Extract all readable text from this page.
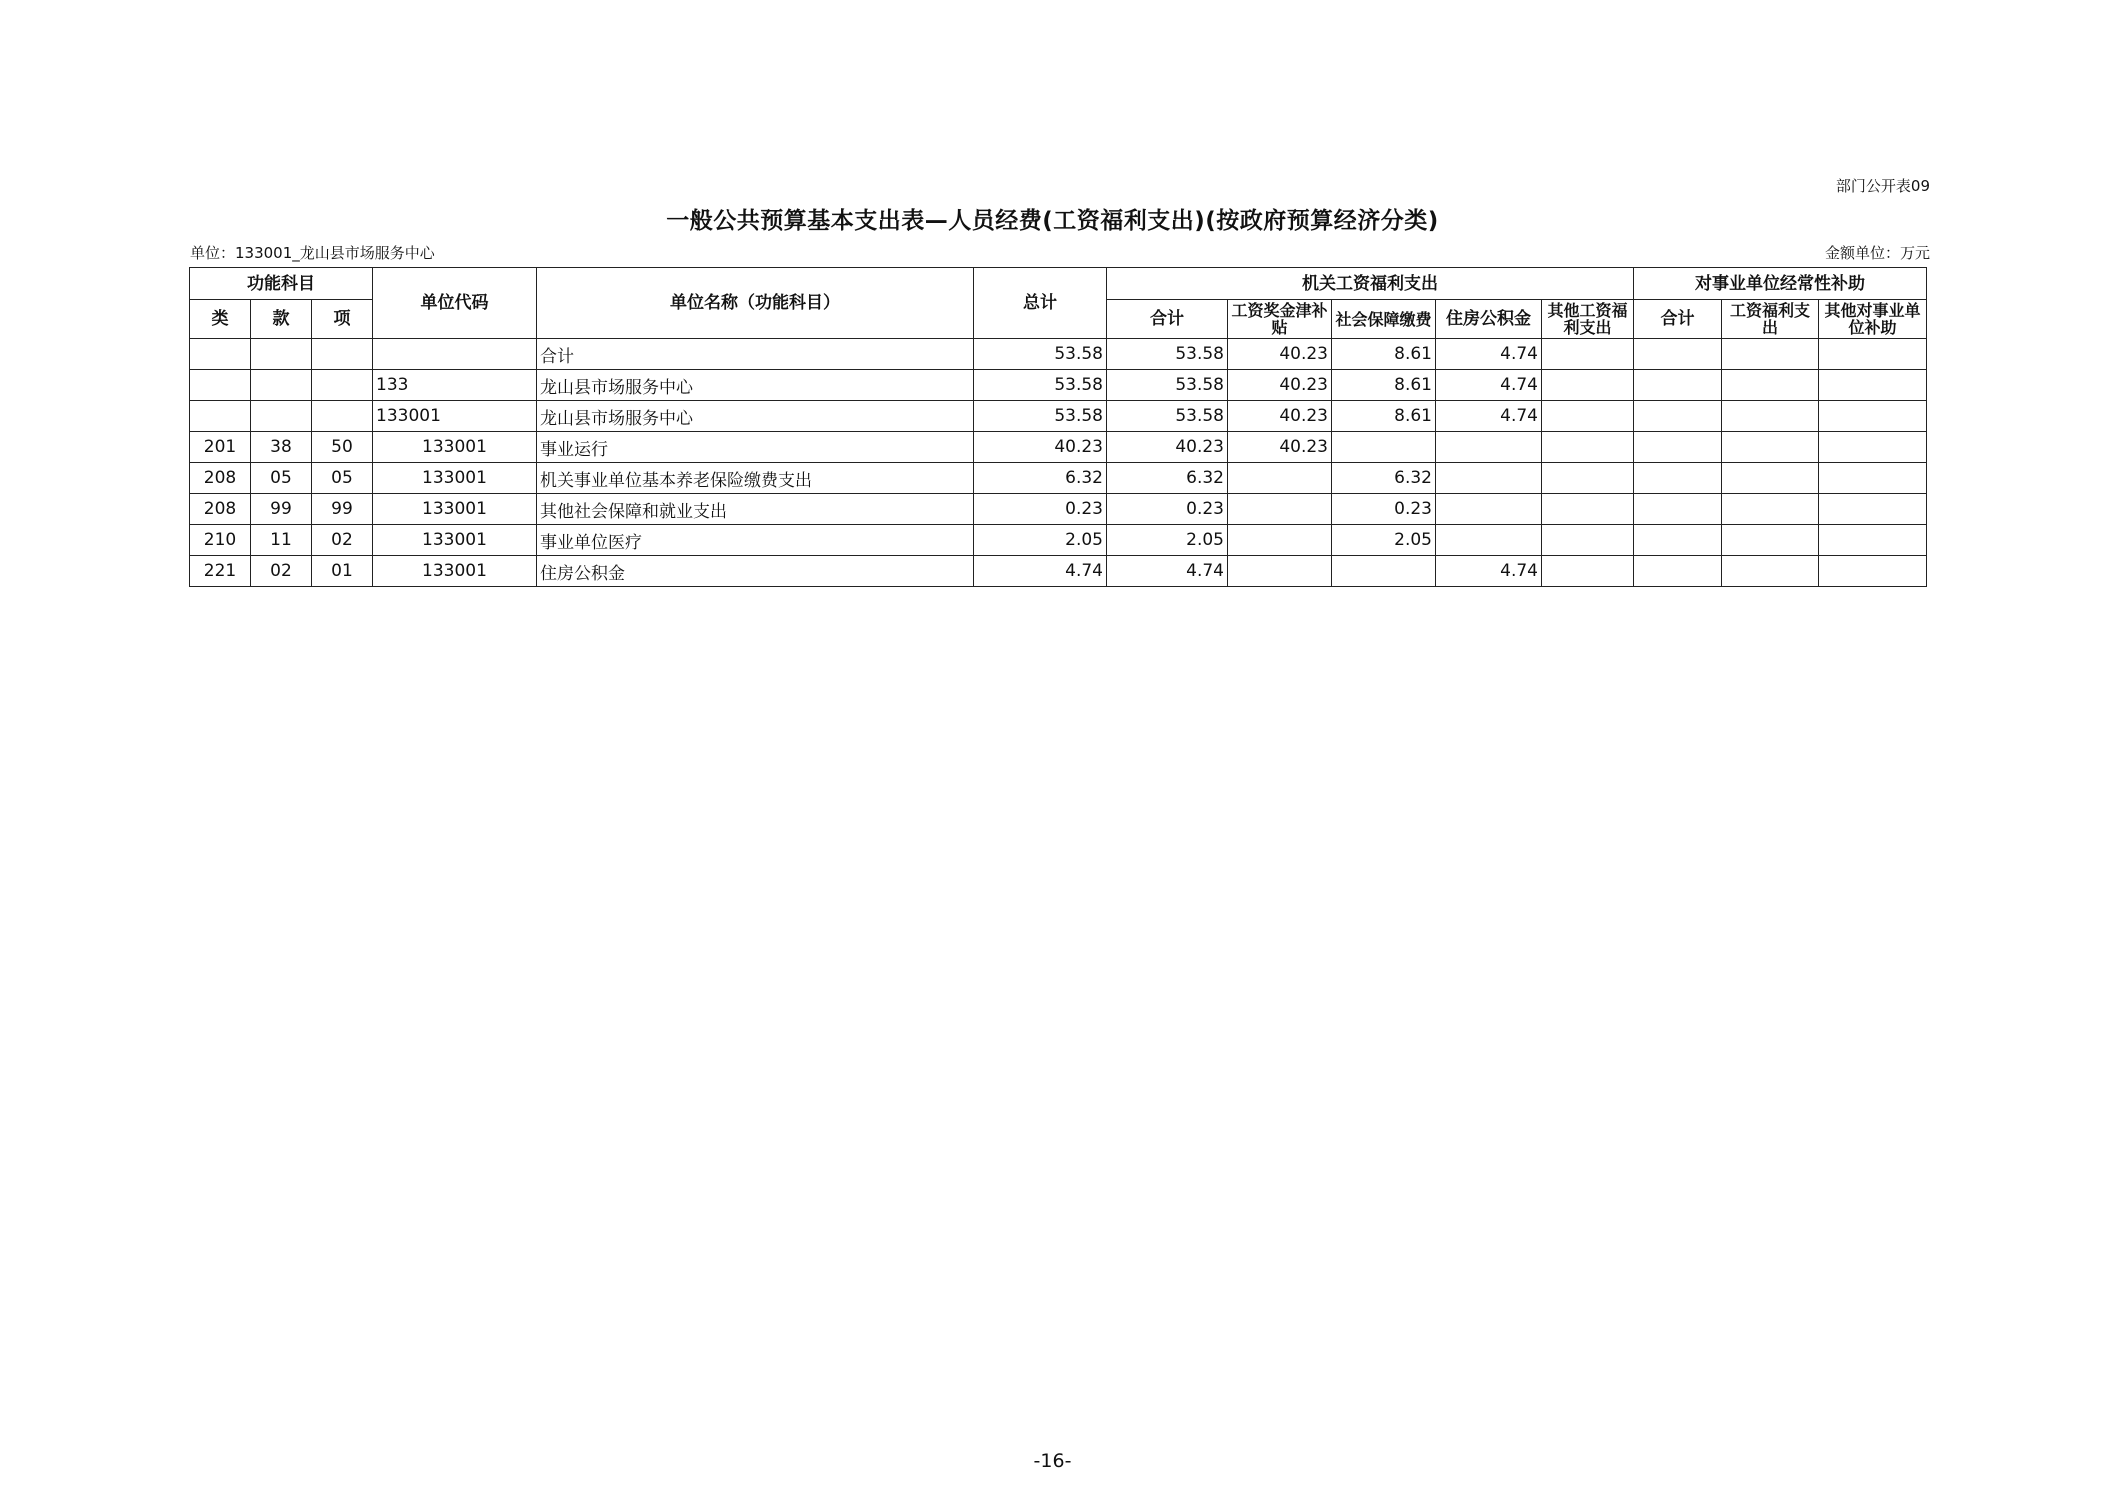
部门公开表09
一般公共预算基本支出表—人员经费(工资福利支出)(按政府预算经济分类)
单位：133001_龙山县市场服务中心	金额单位：万元
功能科目			单位代码	单位名称（功能科目）	总计	机关工资福利支出					对事业单位经常性补助		
类	款	项				合计	工资奖金津补贴	社会保障缴费	住房公积金	其他工资福利支出	合计	工资福利支出	其他对事业单位补助
				合计	53.58	53.58	40.23	8.61	4.74				
			133	龙山县市场服务中心	53.58	53.58	40.23	8.61	4.74				
			133001	龙山县市场服务中心	53.58	53.58	40.23	8.61	4.74				
201	38	50	133001	事业运行	40.23	40.23	40.23						
208	05	05	133001	机关事业单位基本养老保险缴费支出	6.32	6.32		6.32					
208	99	99	133001	其他社会保障和就业支出	0.23	0.23		0.23					
210	11	02	133001	事业单位医疗	2.05	2.05		2.05					
221	02	01	133001	住房公积金	4.74	4.74			4.74				
-16-
